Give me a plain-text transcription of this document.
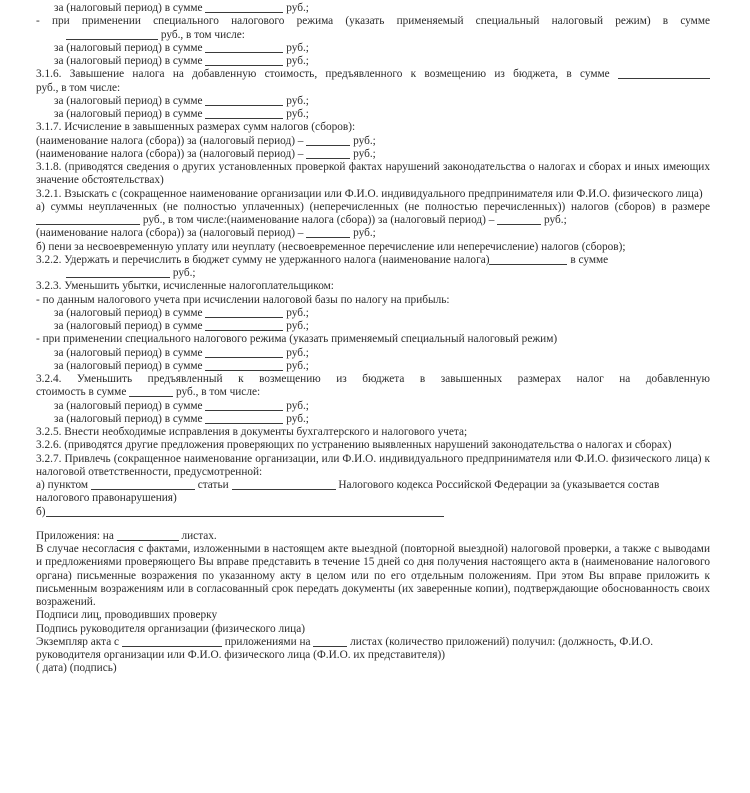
за (налоговый период) в сумме	руб.;

- при применении специального налогового режима (указать применяемый специальный налоговый режим) в сумме

руб., в том числе:

за (налоговый период) в сумме	руб.;

за (налоговый период) в сумме	руб.;

3.1.6. Завышение налога на добавленную стоимость, предъявленного к возмещению из бюджета, в сумме

руб., в том числе:

за (налоговый период) в сумме	руб.;

за (налоговый период) в сумме	руб.;

3.1.7. Исчисление в завышенных размерах сумм налогов (сборов):

(наименование налога (сбора)) за (налоговый период) –	руб.;

(наименование налога (сбора)) за (налоговый период) –	руб.;

3.1.8. (приводятся сведения о других установленных проверкой фактах нарушений законодательства о налогах и сборах и иных имеющих значение обстоятельствах)

3.2.1. Взыскать с (сокращенное наименование организации или Ф.И.О. индивидуального предпринимателя или Ф.И.О. физического лица)

а) суммы неуплаченных (не полностью уплаченных) (неперечисленных (не полностью перечисленных)) налогов (сборов) в размере

руб., в том числе:(наименование налога (сбора)) за (налоговый период) –	руб.;

(наименование налога (сбора)) за (налоговый период) –	руб.;

б) пени за несвоевременную уплату или неуплату (несвоевременное перечисление или неперечисление) налогов (сборов);

3.2.2. Удержать и перечислить в бюджет сумму не удержанного налога (наименование налога)	в сумме

руб.;

3.2.3. Уменьшить убытки, исчисленные налогоплательщиком:

- по данным налогового учета при исчислении налоговой базы по налогу на прибыль:

за (налоговый период) в сумме	руб.;

за (налоговый период) в сумме	руб.;

- при применении специального налогового режима (указать применяемый специальный налоговый режим)

за (налоговый период) в сумме	руб.;

за (налоговый период) в сумме	руб.;

3.2.4. Уменьшить предъявленный к возмещению из бюджета в завышенных размерах налог на добавленную

стоимость в сумме	руб., в том числе:

за (налоговый период) в сумме	руб.;

за (налоговый период) в сумме	руб.;

3.2.5. Внести необходимые исправления в документы бухгалтерского и налогового учета;

3.2.6. (приводятся другие предложения проверяющих по устранению выявленных нарушений законодательства о налогах и сборах)

3.2.7. Привлечь (сокращенное наименование организации, или Ф.И.О. индивидуального предпринимателя или Ф.И.О. физического лица) к налоговой ответственности, предусмотренной:

а) пунктом	статьи	Налогового кодекса Российской Федерации за (указывается состав

налогового правонарушения)

б)

Приложения: на	листах.

В случае несогласия с фактами, изложенными в настоящем акте выездной (повторной выездной) налоговой проверки, а также с выводами и предложениями проверяющего Вы вправе представить в течение 15 дней со дня получения настоящего акта в (наименование налогового органа) письменные возражения по указанному акту в целом или по его отдельным положениям. При этом Вы вправе приложить к письменным возражениям или в согласованный срок передать документы (их заверенные копии), подтверждающие обоснованность своих возражений.

Подписи лиц, проводивших проверку

Подпись руководителя организации (физического лица)

Экземпляр акта с	приложениями на	листах (количество приложений) получил: (должность, Ф.И.О.

руководителя организации или Ф.И.О. физического лица (Ф.И.О. их представителя))

( дата) (подпись)
